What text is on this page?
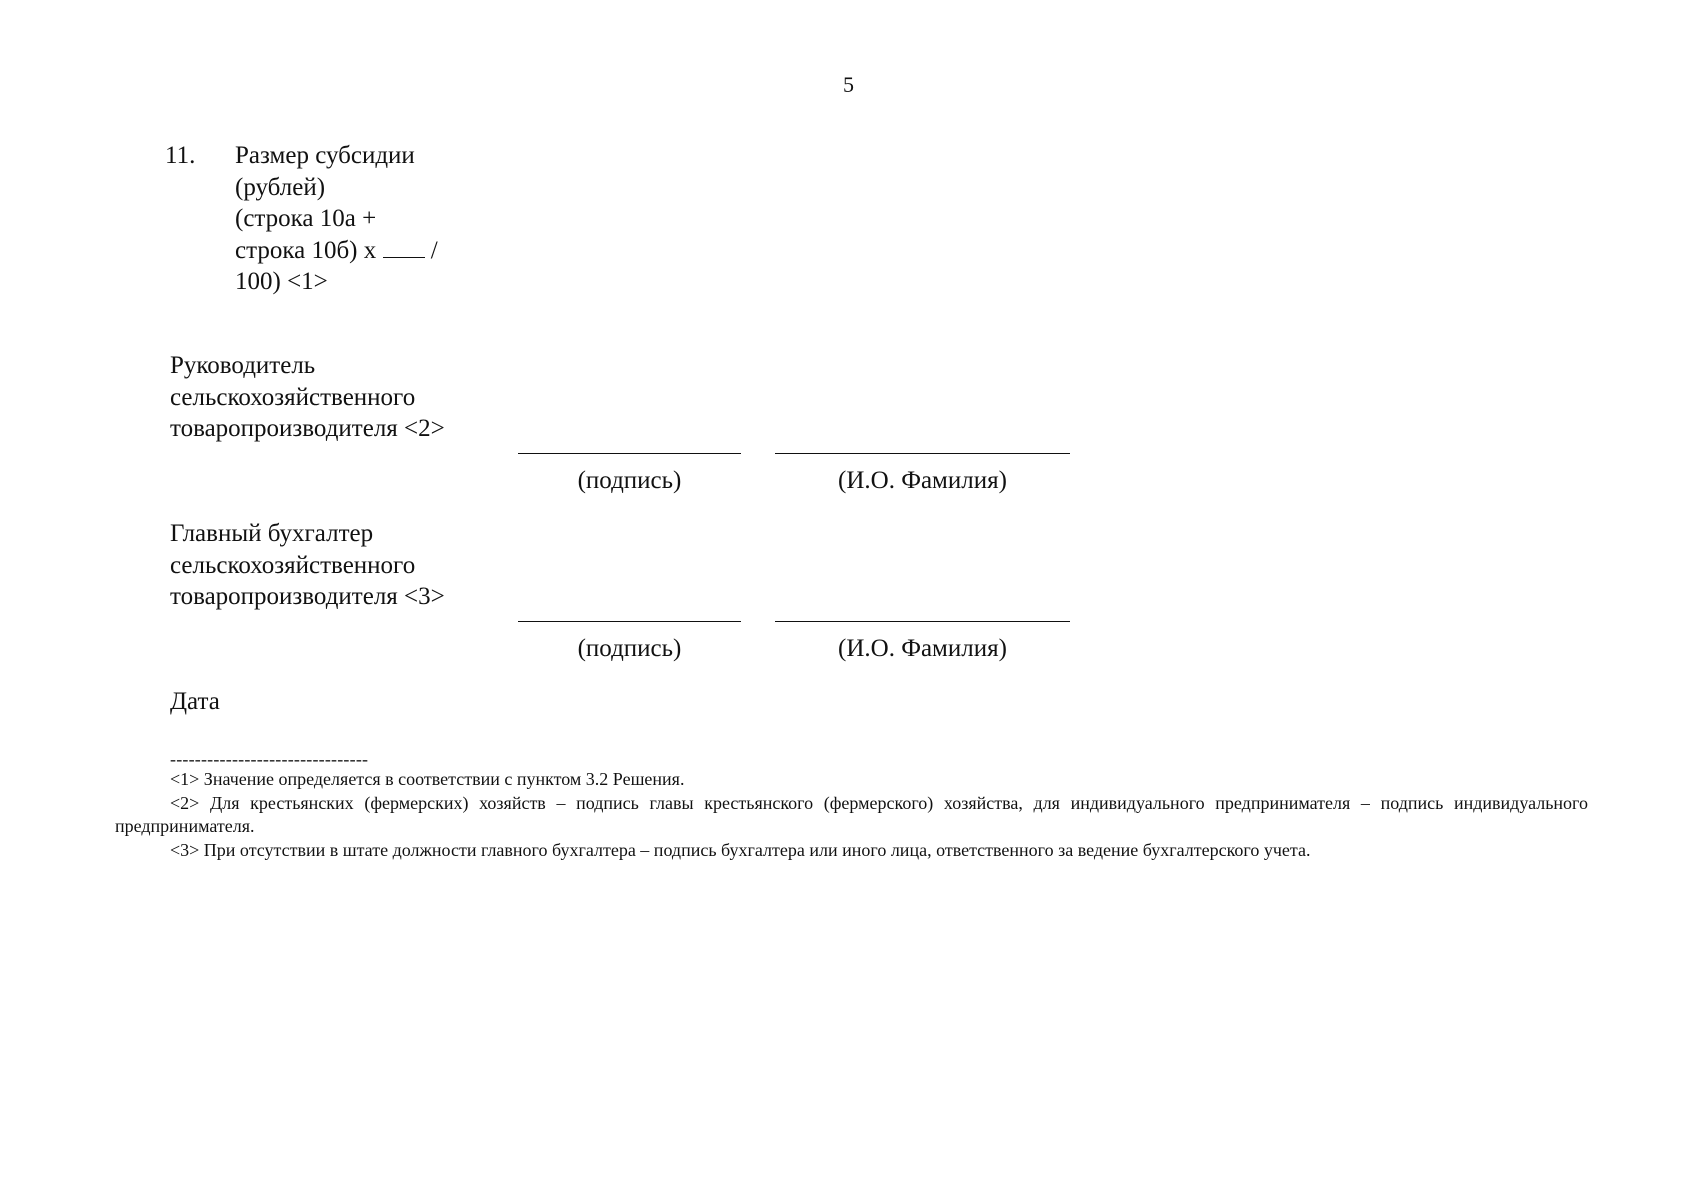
5
11.	Размер субсидии
(рублей)
(строка 10а +
строка 10б) х  /
100) <1>
Руководитель
сельскохозяйственного
товаропроизводителя <2>
(подпись)	(И.О. Фамилия)
Главный бухгалтер
сельскохозяйственного
товаропроизводителя <3>
(подпись)	(И.О. Фамилия)
Дата
--------------------------------
<1> Значение определяется в соответствии с пунктом 3.2 Решения.
<2> Для крестьянских (фермерских) хозяйств – подпись главы крестьянского (фермерского) хозяйства, для индивидуального предпринимателя – подпись индивидуального предпринимателя.
<3> При отсутствии в штате должности главного бухгалтера – подпись бухгалтера или иного лица, ответственного за ведение бухгалтерского учета.
